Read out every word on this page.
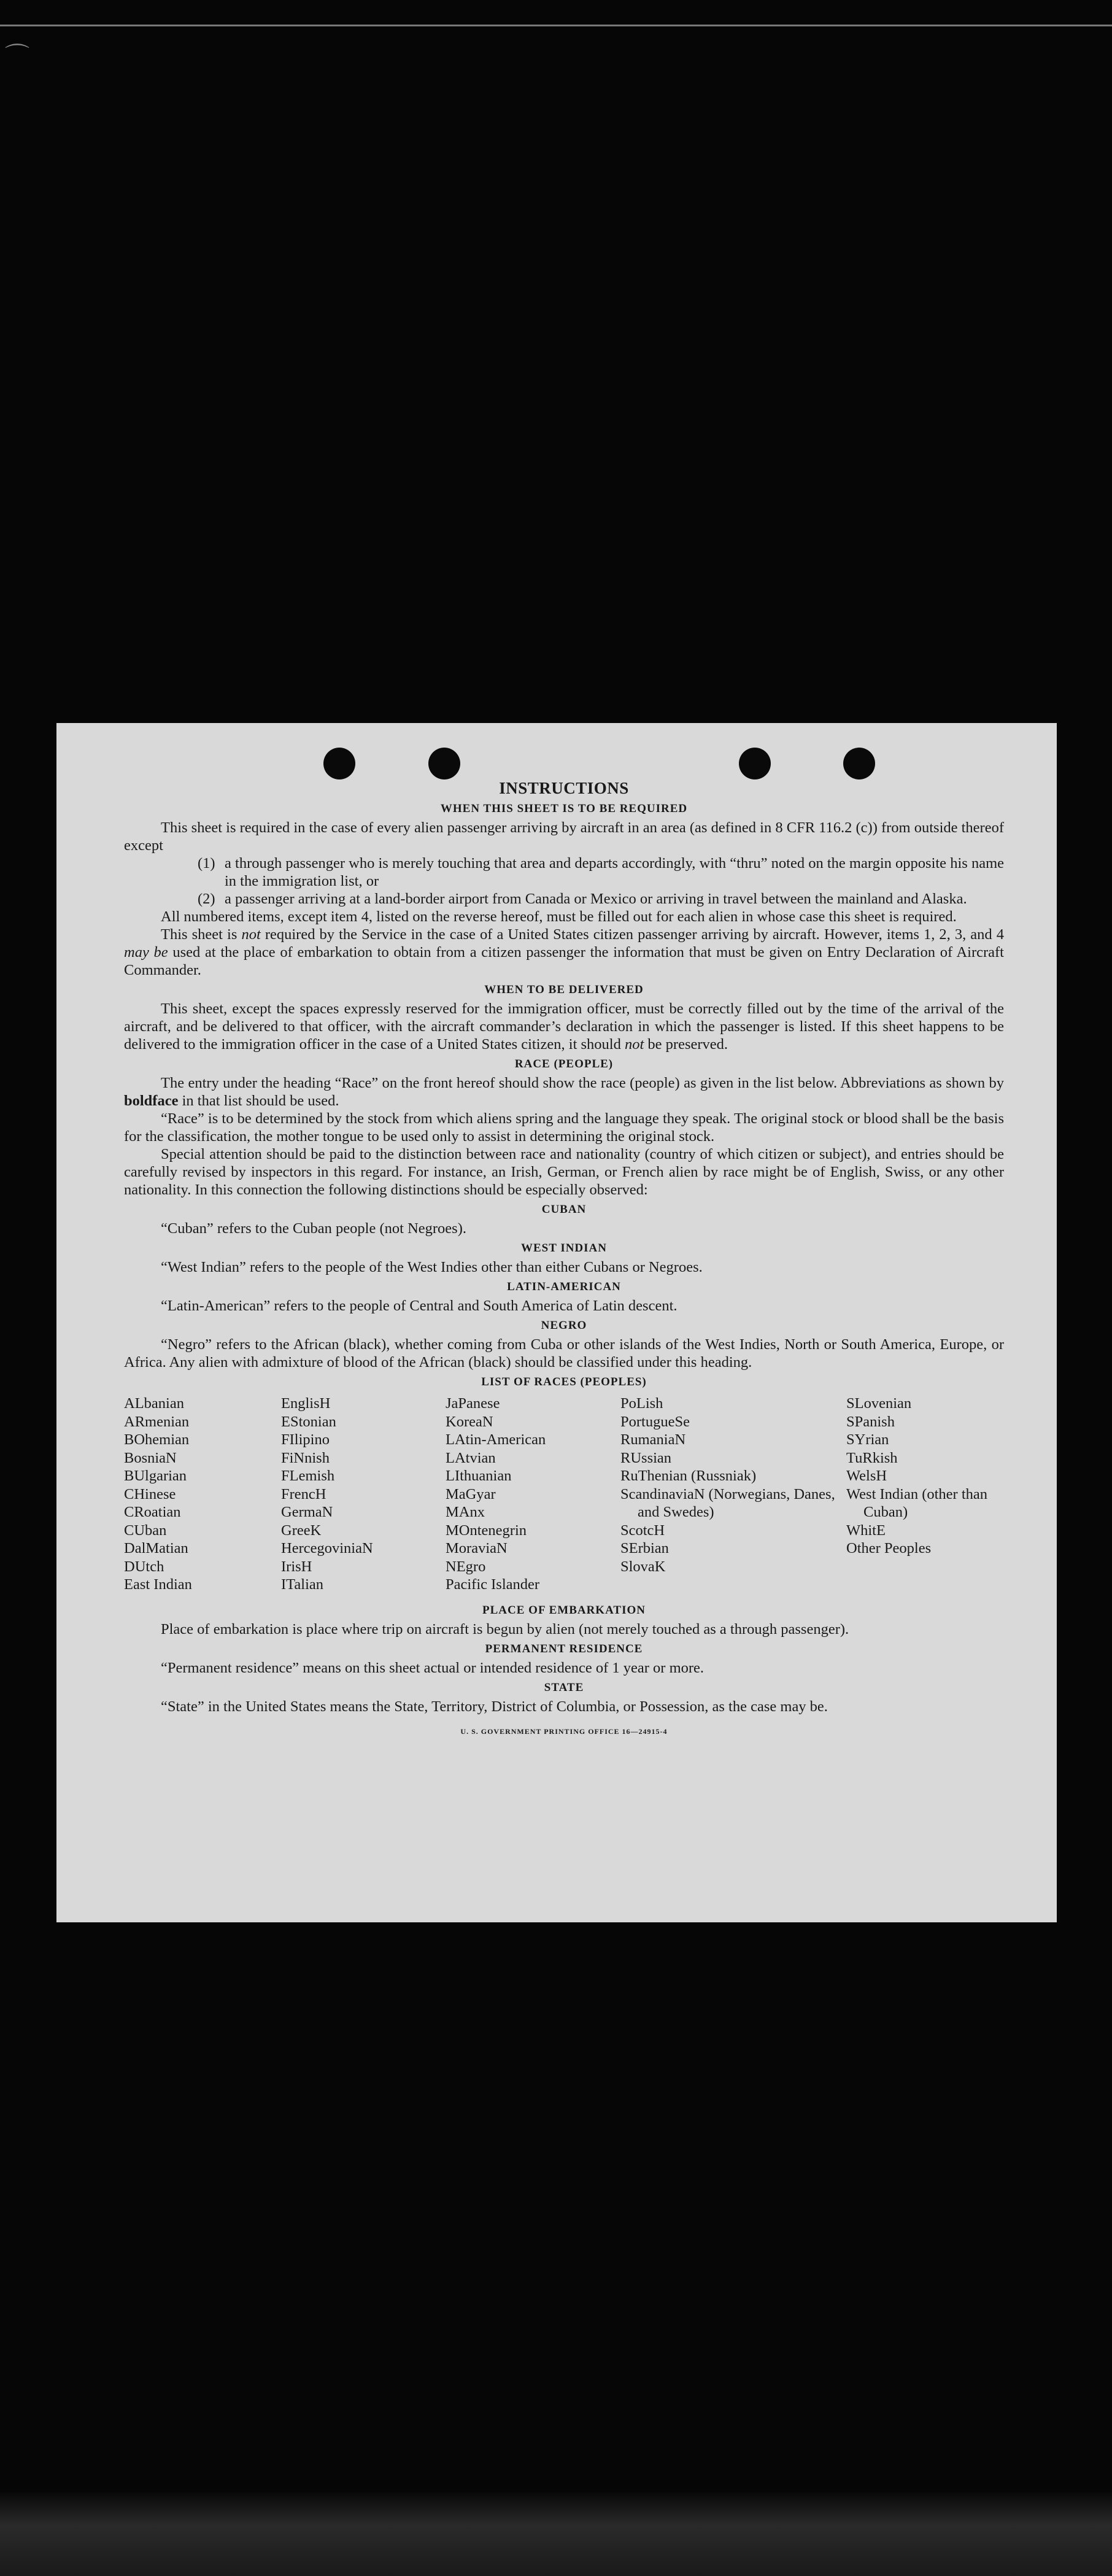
⌒
INSTRUCTIONS
WHEN THIS SHEET IS TO BE REQUIRED

This sheet is required in the case of every alien passenger arriving by aircraft in an area (as defined in 8 CFR 116.2 (c)) from outside thereof except

(1) a through passenger who is merely touching that area and departs accordingly, with “thru” noted on the margin opposite his name in the immigration list, or
(2) a passenger arriving at a land-border airport from Canada or Mexico or arriving in travel between the mainland and Alaska.

All numbered items, except item 4, listed on the reverse hereof, must be filled out for each alien in whose case this sheet is required.

This sheet is not required by the Service in the case of a United States citizen passenger arriving by aircraft. However, items 1, 2, 3, and 4 may be used at the place of embarkation to obtain from a citizen passenger the information that must be given on Entry Declaration of Aircraft Commander.

WHEN TO BE DELIVERED

This sheet, except the spaces expressly reserved for the immigration officer, must be correctly filled out by the time of the arrival of the aircraft, and be delivered to that officer, with the aircraft commander’s declaration in which the passenger is listed. If this sheet happens to be delivered to the immigration officer in the case of a United States citizen, it should not be preserved.

RACE (PEOPLE)

The entry under the heading “Race” on the front hereof should show the race (people) as given in the list below. Abbreviations as shown by boldface in that list should be used.

“Race” is to be determined by the stock from which aliens spring and the language they speak. The original stock or blood shall be the basis for the classification, the mother tongue to be used only to assist in determining the original stock.

Special attention should be paid to the distinction between race and nationality (country of which citizen or subject), and entries should be carefully revised by inspectors in this regard. For instance, an Irish, German, or French alien by race might be of English, Swiss, or any other nationality. In this connection the following distinctions should be especially observed:

CUBAN

“Cuban” refers to the Cuban people (not Negroes).

WEST INDIAN

“West Indian” refers to the people of the West Indies other than either Cubans or Negroes.

LATIN-AMERICAN

“Latin-American” refers to the people of Central and South America of Latin descent.

NEGRO

“Negro” refers to the African (black), whether coming from Cuba or other islands of the West Indies, North or South America, Europe, or Africa. Any alien with admixture of blood of the African (black) should be classified under this heading.

LIST OF RACES (PEOPLES)
ALbanian
ARmenian
BOhemian
BosniaN
BUlgarian
CHinese
CRoatian
CUban
DalMatian
DUtch
East Indian
EnglisH
EStonian
FIlipino
FiNnish
FLemish
FrencH
GermaN
GreeK
HercegoviniaN
IrisH
ITalian
JaPanese
KoreaN
LAtin-American
LAtvian
LIthuanian
MaGyar
MAnx
MOntenegrin
MoraviaN
NEgro
Pacific Islander
PoLish
PortugueSe
RumaniaN
RUssian
RuThenian (Russniak)
ScandinaviaN (Norwegians, Danes, and Swedes)
ScotcH
SErbian
SlovaK
SLovenian
SPanish
SYrian
TuRkish
WelsH
West Indian (other than Cuban)
WhitE
Other Peoples
PLACE OF EMBARKATION

Place of embarkation is place where trip on aircraft is begun by alien (not merely touched as a through passenger).

PERMANENT RESIDENCE

“Permanent residence” means on this sheet actual or intended residence of 1 year or more.

STATE

“State” in the United States means the State, Territory, District of Columbia, or Possession, as the case may be.

U. S. GOVERNMENT PRINTING OFFICE 16—24915-4
